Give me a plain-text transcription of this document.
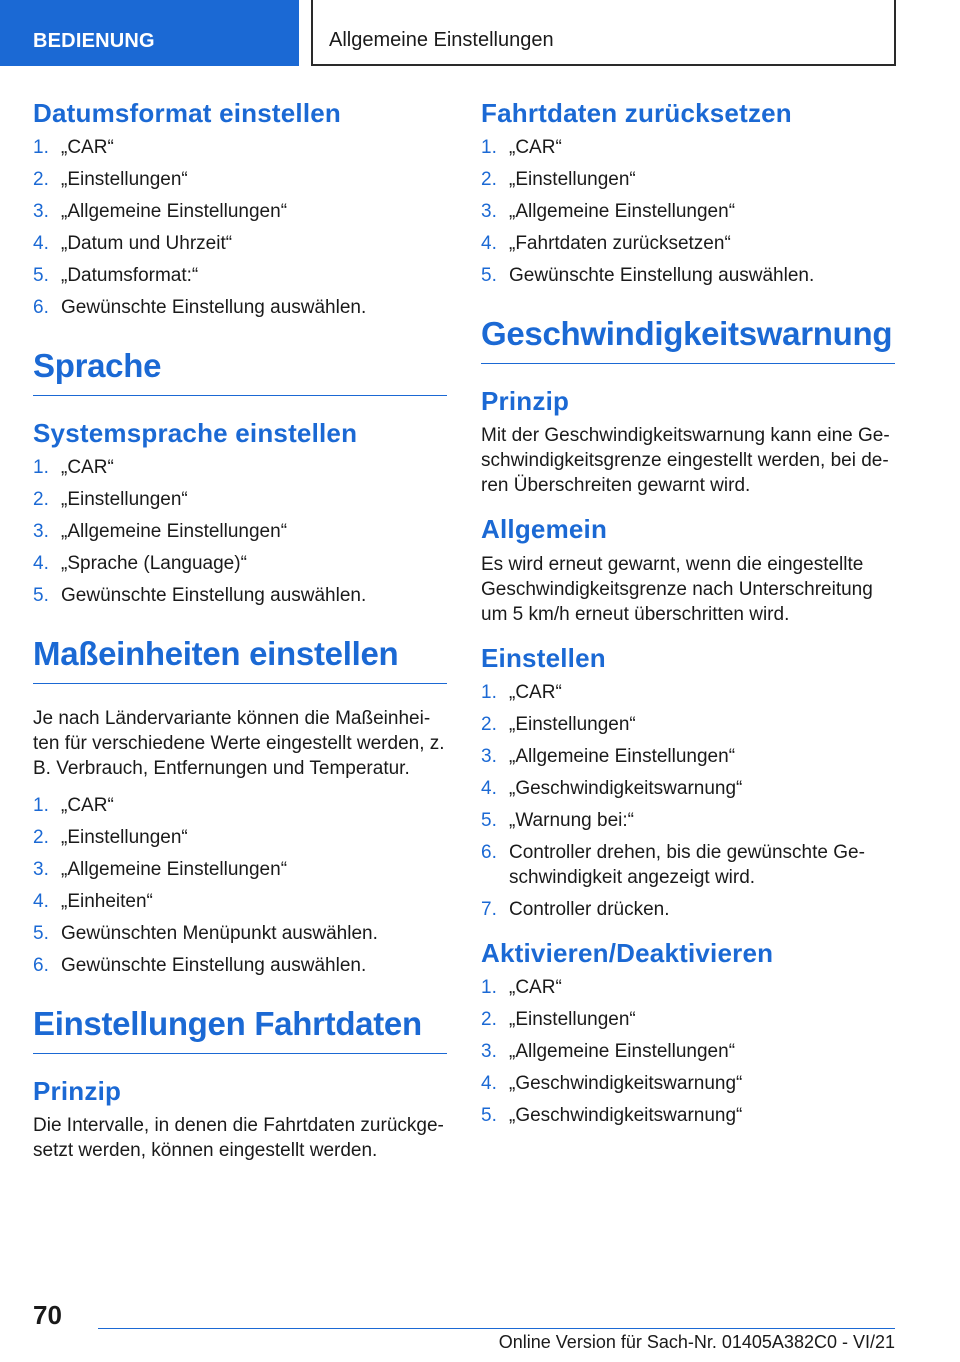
BEDIENUNG	Allgemeine Einstellungen
Datumsformat einstellen
1. „CAR“
2. „Einstellungen“
3. „Allgemeine Einstellungen“
4. „Datum und Uhrzeit“
5. „Datumsformat:“
6. Gewünschte Einstellung auswählen.
Sprache
Systemsprache einstellen
1. „CAR“
2. „Einstellungen“
3. „Allgemeine Einstellungen“
4. „Sprache (Language)“
5. Gewünschte Einstellung auswählen.
Maßeinheiten einstellen

Je nach Ländervariante können die Maßeinheiten für verschiedene Werte eingestellt werden, z. B. Verbrauch, Entfernungen und Temperatur.

1. „CAR“
2. „Einstellungen“
3. „Allgemeine Einstellungen“
4. „Einheiten“
5. Gewünschten Menüpunkt auswählen.
6. Gewünschte Einstellung auswählen.
Einstellungen Fahrtdaten
Prinzip

Die Intervalle, in denen die Fahrtdaten zurückgesetzt werden, können eingestellt werden.

Fahrtdaten zurücksetzen
1. „CAR“
2. „Einstellungen“
3. „Allgemeine Einstellungen“
4. „Fahrtdaten zurücksetzen“
5. Gewünschte Einstellung auswählen.
Geschwindigkeitswarnung
Prinzip

Mit der Geschwindigkeitswarnung kann eine Geschwindigkeitsgrenze eingestellt werden, bei deren Überschreiten gewarnt wird.

Allgemein

Es wird erneut gewarnt, wenn die eingestellte Geschwindigkeitsgrenze nach Unterschreitung um 5 km/h erneut überschritten wird.

Einstellen
1. „CAR“
2. „Einstellungen“
3. „Allgemeine Einstellungen“
4. „Geschwindigkeitswarnung“
5. „Warnung bei:“
6. Controller drehen, bis die gewünschte Geschwindigkeit angezeigt wird.
7. Controller drücken.
Aktivieren/Deaktivieren
1. „CAR“
2. „Einstellungen“
3. „Allgemeine Einstellungen“
4. „Geschwindigkeitswarnung“
5. „Geschwindigkeitswarnung“
70
Online Version für Sach-Nr. 01405A382C0 - VI/21
